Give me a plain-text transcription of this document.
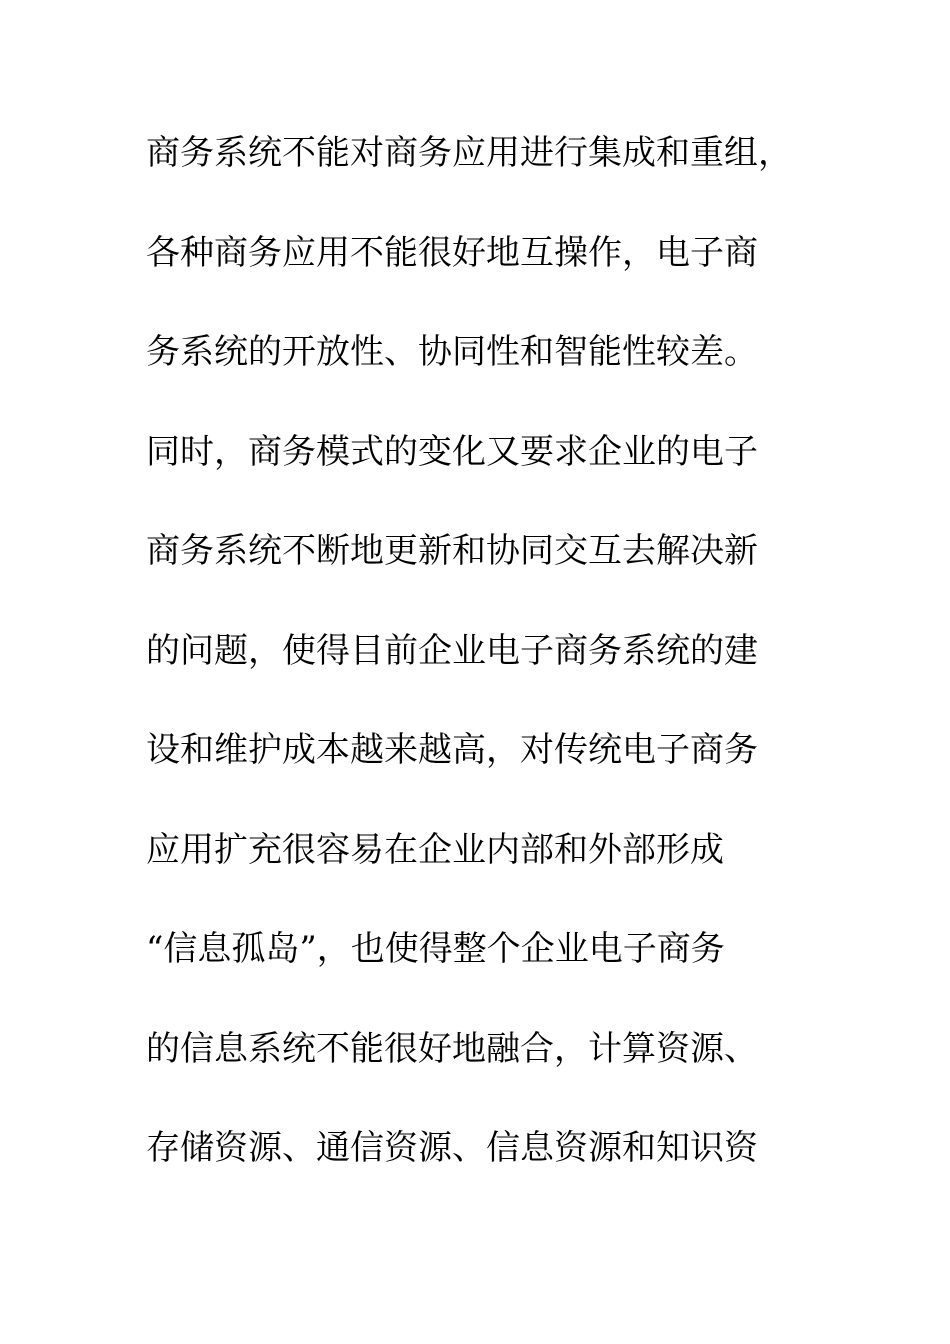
商务系统不能对商务应用进行集成和重组，
各种商务应用不能很好地互操作，电子商
务系统的开放性、协同性和智能性较差。
同时，商务模式的变化又要求企业的电子
商务系统不断地更新和协同交互去解决新
的问题，使得目前企业电子商务系统的建
设和维护成本越来越高，对传统电子商务
应用扩充很容易在企业内部和外部形成
“信息孤岛”，也使得整个企业电子商务
的信息系统不能很好地融合，计算资源、
存储资源、通信资源、信息资源和知识资
